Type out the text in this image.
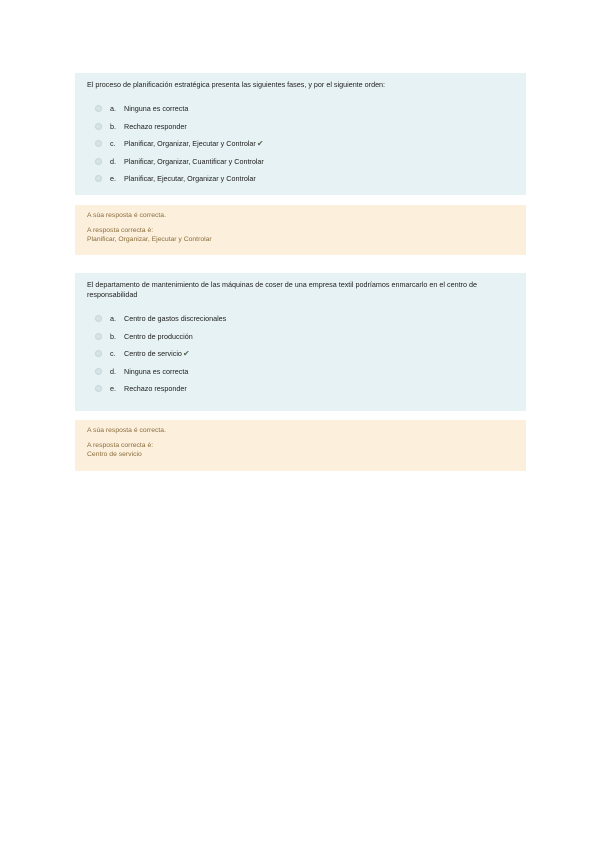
El proceso de planificación estratégica presenta las siguientes fases, y por el siguiente orden:

a.	Ninguna es correcta
b.	Rechazo responder
c.	Planificar, Organizar, Ejecutar y Controlar ✔
d.	Planificar, Organizar, Cuantificar y Controlar
e.	Planificar, Ejecutar, Organizar y Controlar

A súa resposta é correcta.

A resposta correcta é:

Planificar, Organizar, Ejecutar y Controlar

El departamento de mantenimiento de las máquinas de coser de una empresa textil podríamos enmarcarlo en el centro de responsabilidad

a.	Centro de gastos discrecionales
b.	Centro de producción
c.	Centro de servicio ✔
d.	Ninguna es correcta
e.	Rechazo responder

A súa resposta é correcta.

A resposta correcta é:

Centro de servicio
